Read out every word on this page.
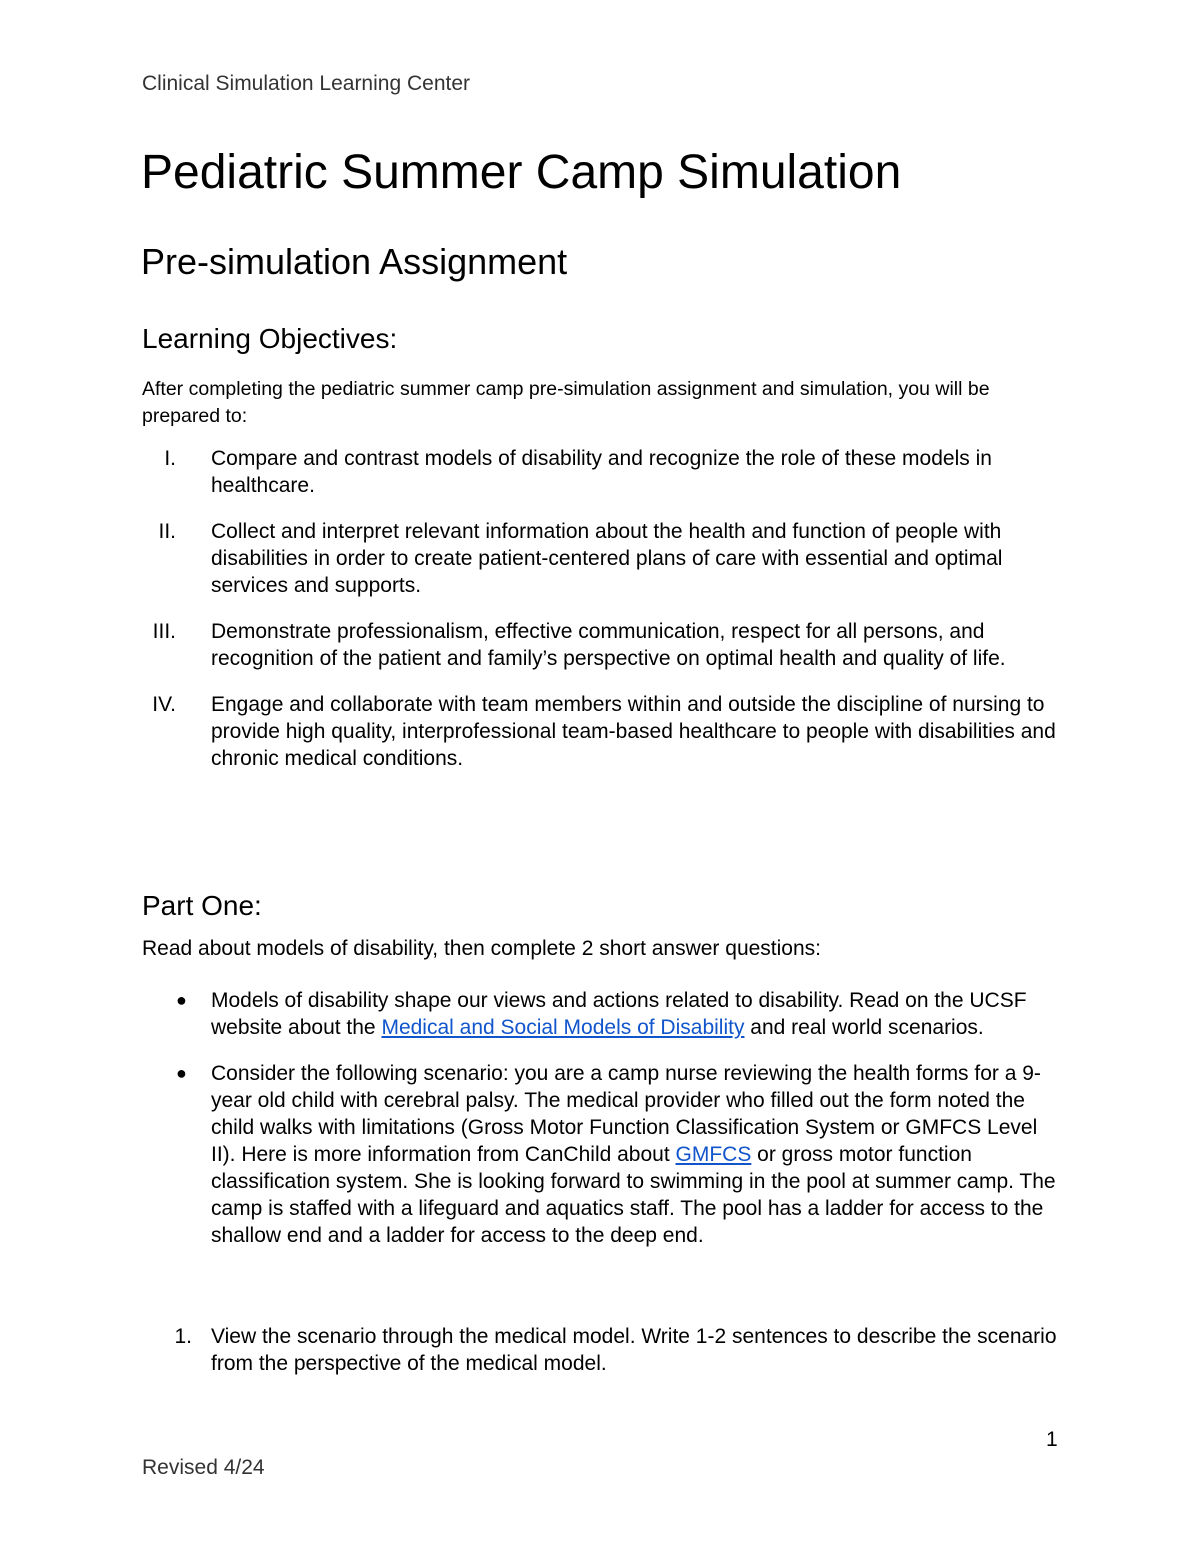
Clinical Simulation Learning Center
Pediatric Summer Camp Simulation
Pre-simulation Assignment
Learning Objectives:

After completing the pediatric summer camp pre-simulation assignment and simulation, you will be prepared to:

I. Compare and contrast models of disability and recognize the role of these models in healthcare.
II. Collect and interpret relevant information about the health and function of people with disabilities in order to create patient-centered plans of care with essential and optimal services and supports.
III. Demonstrate professionalism, effective communication, respect for all persons, and recognition of the patient and family’s perspective on optimal health and quality of life.
IV. Engage and collaborate with team members within and outside the discipline of nursing to provide high quality, interprofessional team-based healthcare to people with disabilities and chronic medical conditions.
Part One:

Read about models of disability, then complete 2 short answer questions:

● Models of disability shape our views and actions related to disability. Read on the UCSF website about the Medical and Social Models of Disability and real world scenarios.
● Consider the following scenario: you are a camp nurse reviewing the health forms for a 9-year old child with cerebral palsy. The medical provider who filled out the form noted the child walks with limitations (Gross Motor Function Classification System or GMFCS Level II). Here is more information from CanChild about GMFCS or gross motor function classification system. She is looking forward to swimming in the pool at summer camp. The camp is staffed with a lifeguard and aquatics staff. The pool has a ladder for access to the shallow end and a ladder for access to the deep end.
1. View the scenario through the medical model. Write 1-2 sentences to describe the scenario from the perspective of the medical model.
1
Revised 4/24
